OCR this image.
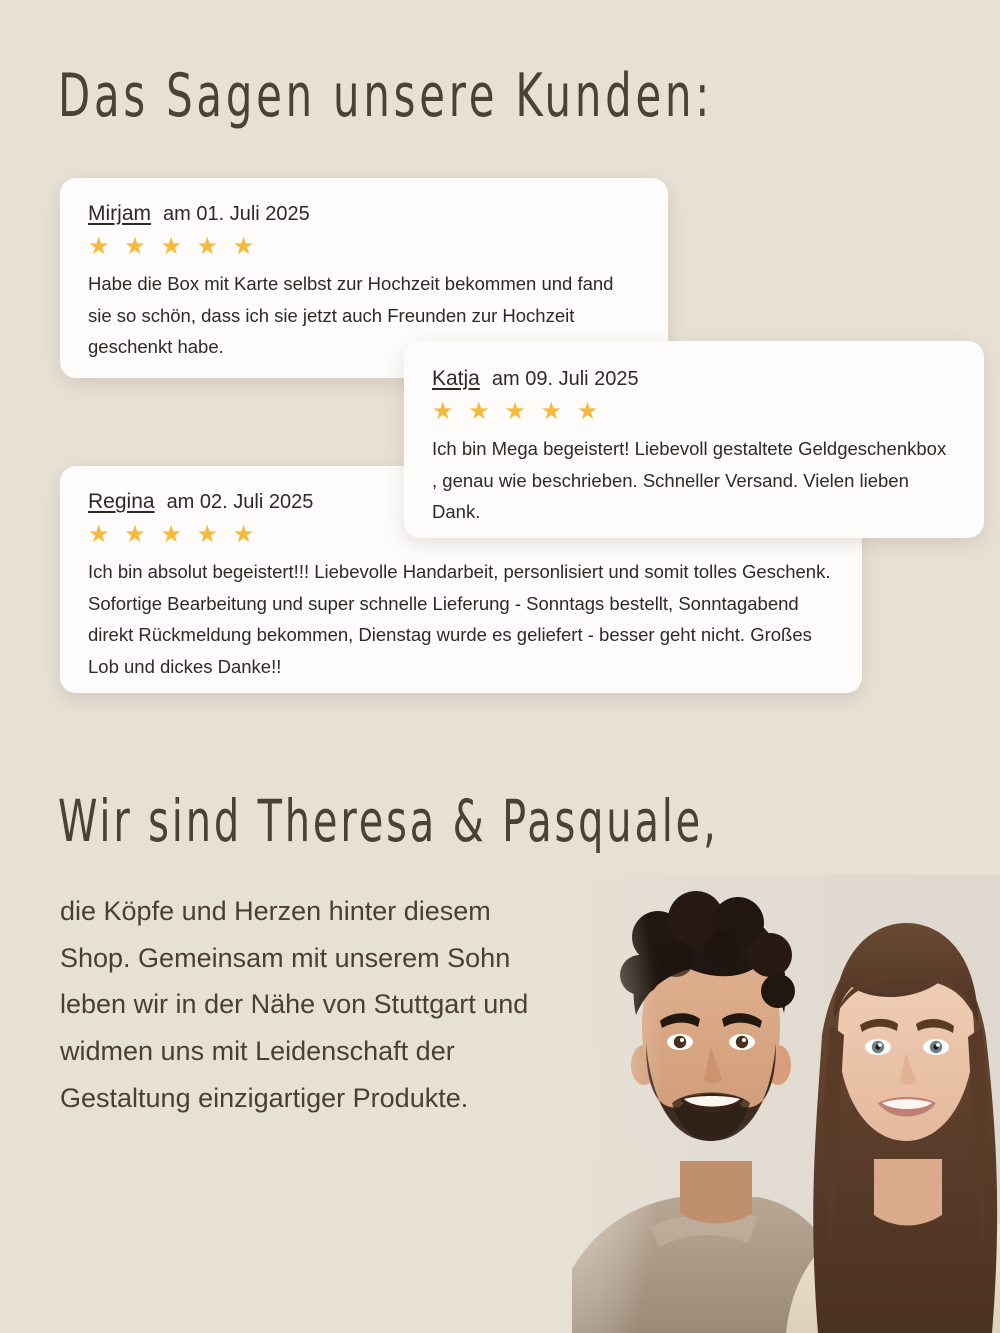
Das Sagen unsere Kunden:
Mirjam am 01. Juli 2025
★ ★ ★ ★ ★
Habe die Box mit Karte selbst zur Hochzeit bekommen und fand sie so schön, dass ich sie jetzt auch Freunden zur Hochzeit geschenkt habe.
Regina am 02. Juli 2025
★ ★ ★ ★ ★
Ich bin absolut begeistert!!! Liebevolle Handarbeit, personlisiert und somit tolles Geschenk. Sofortige Bearbeitung und super schnelle Lieferung - Sonntags bestellt, Sonntagabend direkt Rückmeldung bekommen, Dienstag wurde es geliefert - besser geht nicht. Großes Lob und dickes Danke!!
Katja am 09. Juli 2025
★ ★ ★ ★ ★
Ich bin Mega begeistert! Liebevoll gestaltete Geldgeschenkbox , genau wie beschrieben. Schneller Versand. Vielen lieben Dank.
Wir sind Theresa & Pasquale,
die Köpfe und Herzen hinter diesem Shop. Gemeinsam mit unserem Sohn leben wir in der Nähe von Stuttgart und widmen uns mit Leidenschaft der Gestaltung einzigartiger Produkte.
